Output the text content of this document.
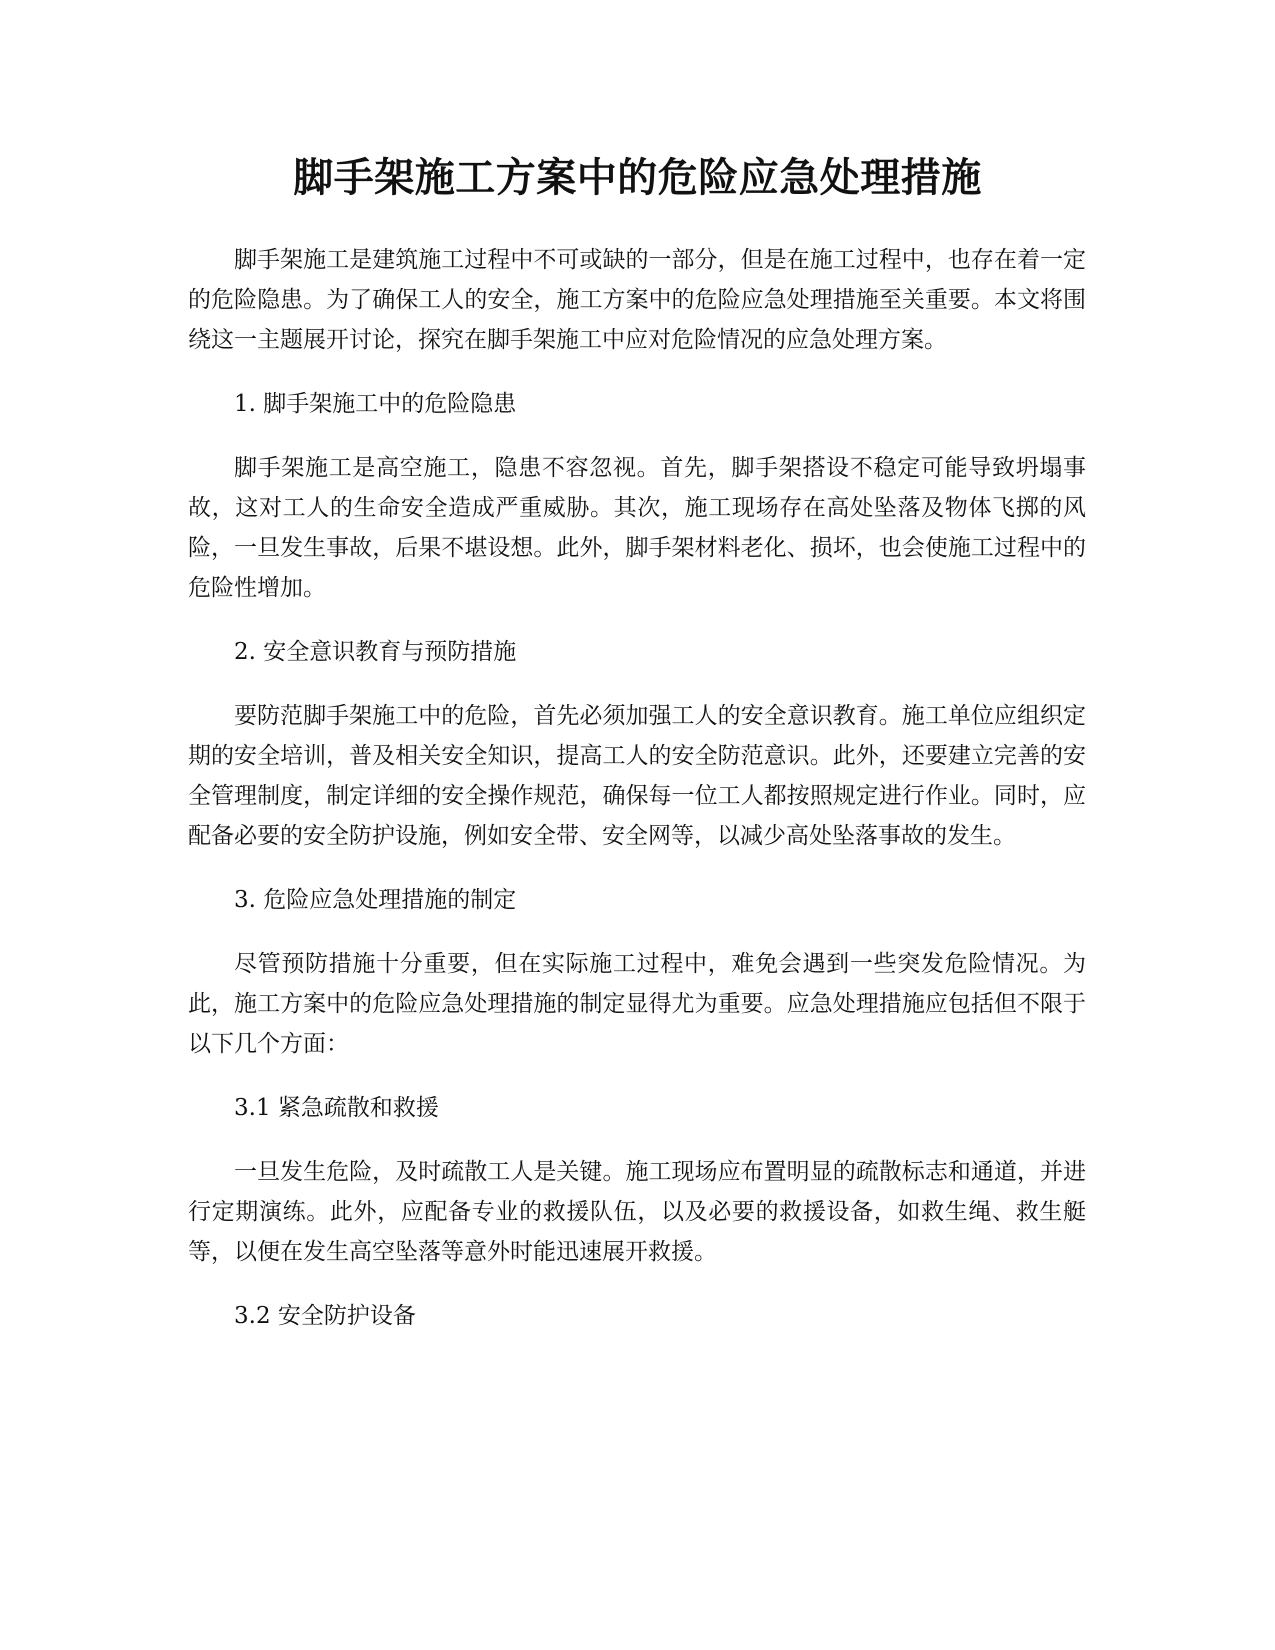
脚手架施工方案中的危险应急处理措施

脚手架施工是建筑施工过程中不可或缺的一部分，但是在施工过程中，也存在着一定的危险隐患。为了确保工人的安全，施工方案中的危险应急处理措施至关重要。本文将围绕这一主题展开讨论，探究在脚手架施工中应对危险情况的应急处理方案。

1. 脚手架施工中的危险隐患

脚手架施工是高空施工，隐患不容忽视。首先，脚手架搭设不稳定可能导致坍塌事故，这对工人的生命安全造成严重威胁。其次，施工现场存在高处坠落及物体飞掷的风险，一旦发生事故，后果不堪设想。此外，脚手架材料老化、损坏，也会使施工过程中的危险性增加。

2. 安全意识教育与预防措施

要防范脚手架施工中的危险，首先必须加强工人的安全意识教育。施工单位应组织定期的安全培训，普及相关安全知识，提高工人的安全防范意识。此外，还要建立完善的安全管理制度，制定详细的安全操作规范，确保每一位工人都按照规定进行作业。同时，应配备必要的安全防护设施，例如安全带、安全网等，以减少高处坠落事故的发生。

3. 危险应急处理措施的制定

尽管预防措施十分重要，但在实际施工过程中，难免会遇到一些突发危险情况。为此，施工方案中的危险应急处理措施的制定显得尤为重要。应急处理措施应包括但不限于以下几个方面：

3.1 紧急疏散和救援

一旦发生危险，及时疏散工人是关键。施工现场应布置明显的疏散标志和通道，并进行定期演练。此外，应配备专业的救援队伍，以及必要的救援设备，如救生绳、救生艇等，以便在发生高空坠落等意外时能迅速展开救援。

3.2 安全防护设备
